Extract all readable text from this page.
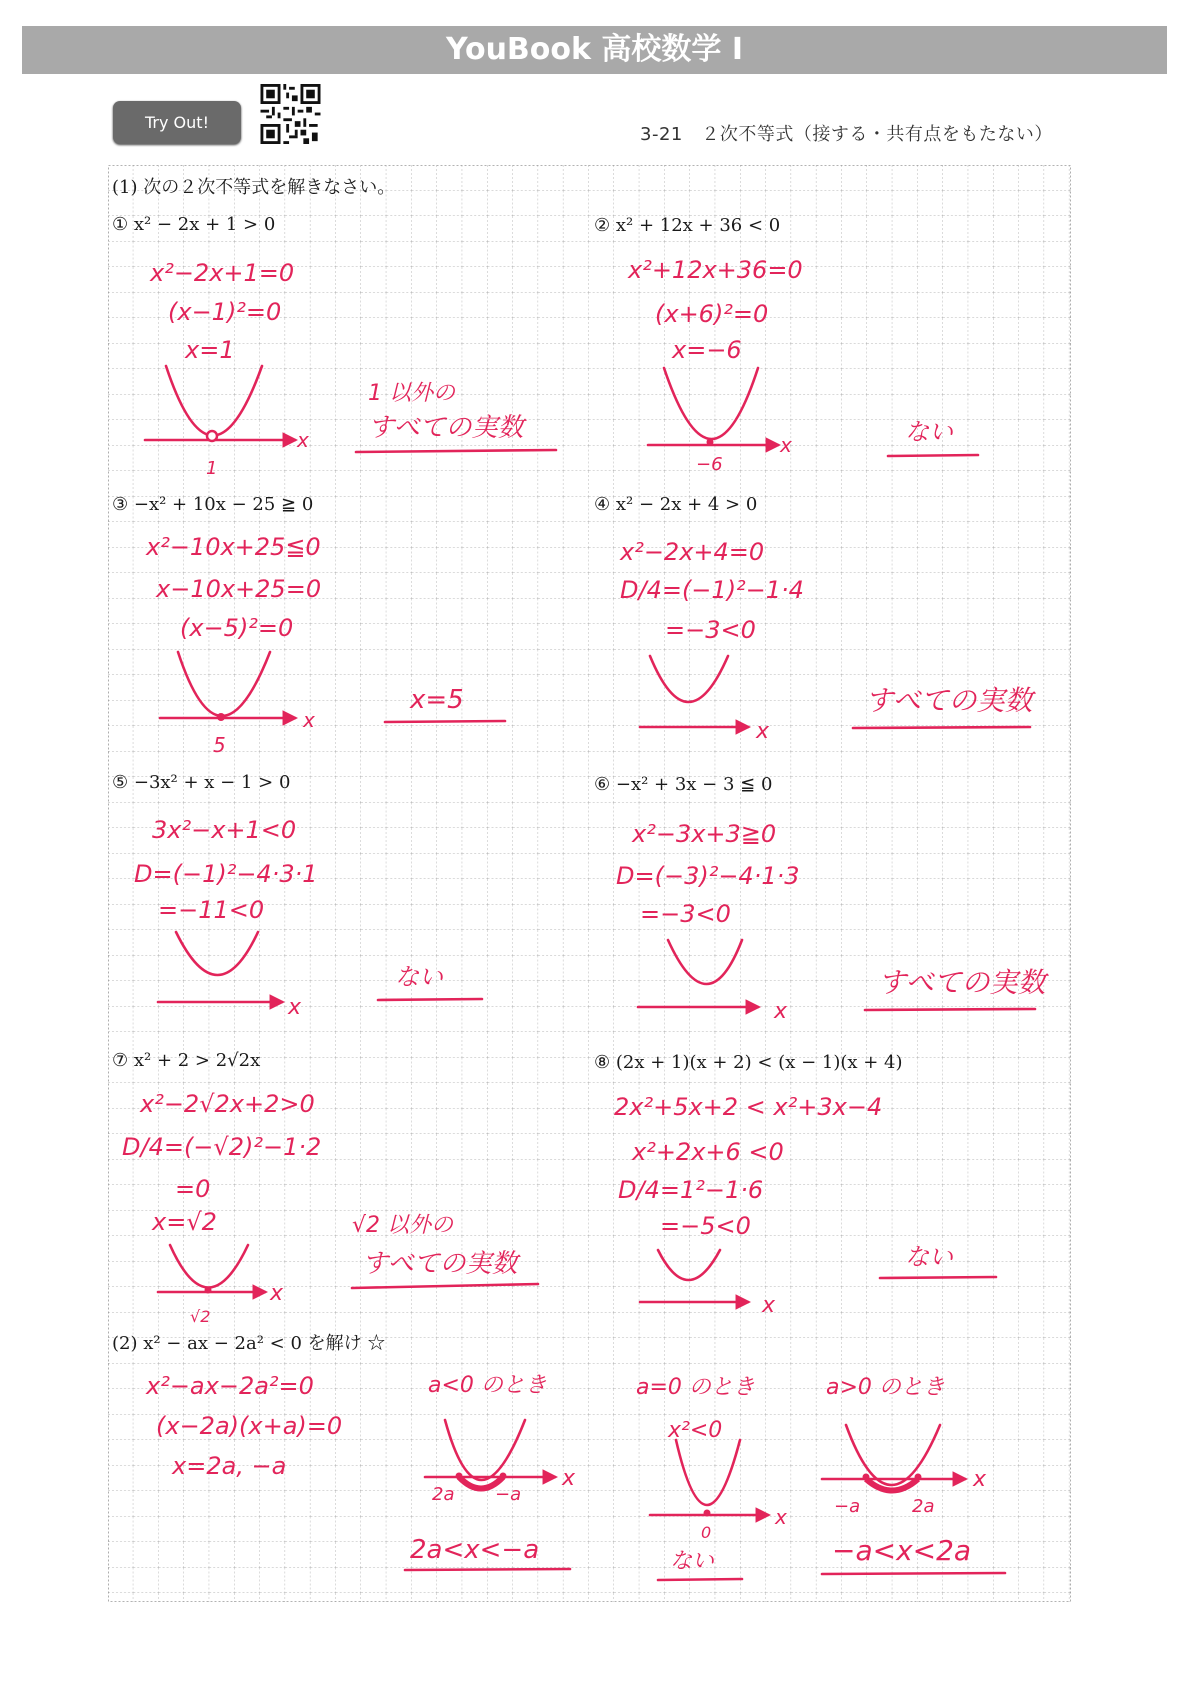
YouBook 高校数学 I
Try Out!
3-21　２次不等式（接する・共有点をもたない）
(1) 次の２次不等式を解きなさい。
① x² − 2x + 1 > 0	② x² + 12x + 36 < 0
③ −x² + 10x − 25 ≧ 0	④ x² − 2x + 4 > 0
⑤ −3x² + x − 1 > 0	⑥ −x² + 3x − 3 ≦ 0
⑦ x² + 2 > 2√2x	⑧ (2x + 1)(x + 2) < (x − 1)(x + 4)
(2) x² − ax − 2a² < 0 を解け ☆
x²−2x+1=0
(x−1)²=0
x=1
x
1
1 以外の
すべての実数
x²+12x+36=0
(x+6)²=0
x=−6
x
−6
ない
x²−10x+25≦0
x−10x+25=0
(x−5)²=0
x
5
x=5
x²−2x+4=0
D/4=(−1)²−1·4
=−3<0
x
すべての実数
3x²−x+1<0
D=(−1)²−4·3·1
=−11<0
x
ない
x²−3x+3≧0
D=(−3)²−4·1·3
=−3<0
x
すべての実数
x²−2√2x+2>0
D/4=(−√2)²−1·2
=0
x=√2
x
√2
√2 以外の
すべての実数
2x²+5x+2 < x²+3x−4
x²+2x+6 <0
D/4=1²−1·6
=−5<0
x
ない
x²−ax−2a²=0
(x−2a)(x+a)=0
x=2a, −a
a<0 のとき
x
2a −a
2a<x<−a
a=0 のとき
x²<0
x
0
ない
a>0 のとき
x
−a	2a
−a<x<2a
